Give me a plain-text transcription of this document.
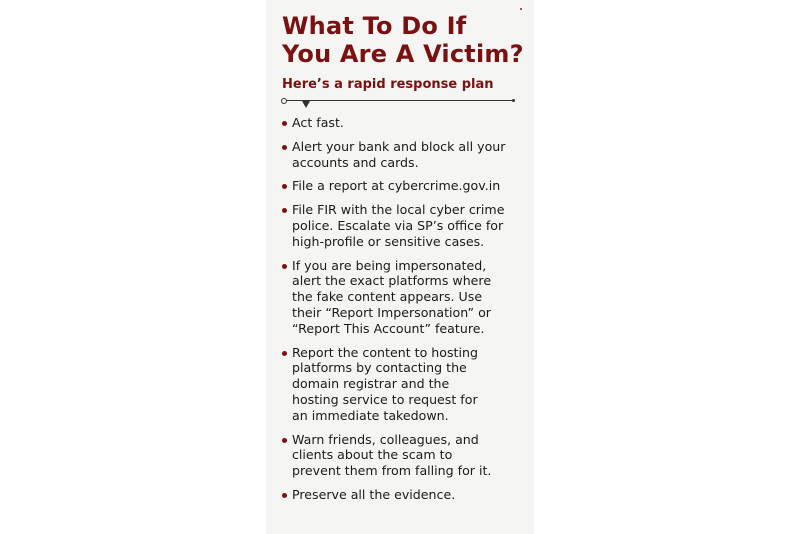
What To Do If
You Are A Victim?

Here’s a rapid response plan

Act fast.
Alert your bank and block all your
accounts and cards.
File a report at cybercrime.gov.in
File FIR with the local cyber crime
police. Escalate via SP’s office for
high-profile or sensitive cases.
If you are being impersonated,
alert the exact platforms where
the fake content appears. Use
their “Report Impersonation” or
“Report This Account” feature.
Report the content to hosting
platforms by contacting the
domain registrar and the
hosting service to request for
an immediate takedown.
Warn friends, colleagues, and
clients about the scam to
prevent them from falling for it.
Preserve all the evidence.
